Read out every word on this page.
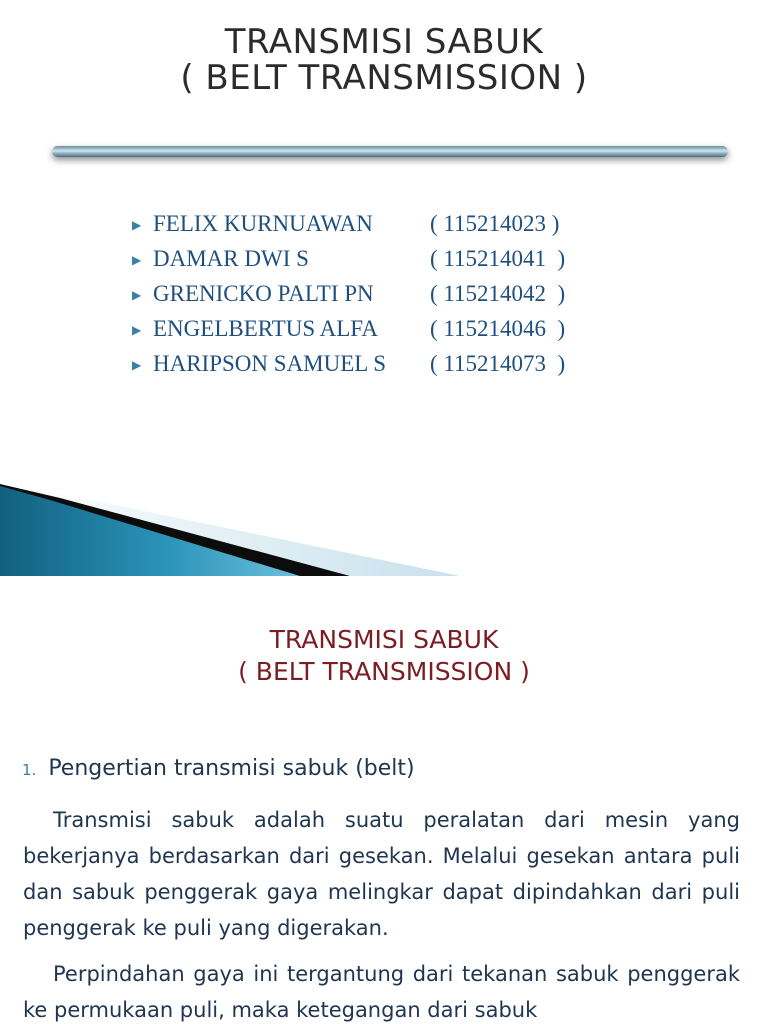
TRANSMISI SABUK
( BELT TRANSMISSION )
▶ FELIX KURNUAWAN ( 115214023 )
▶ DAMAR DWI S	( 115214041  )
▶ GRENICKO PALTI PN ( 115214042  )
▶ ENGELBERTUS ALFA ( 115214046  )
▶ HARIPSON SAMUEL S ( 115214073  )
TRANSMISI SABUK
( BELT TRANSMISSION )
1. Pengertian transmisi sabuk (belt)

Transmisi sabuk adalah suatu peralatan dari mesin yang bekerjanya berdasarkan dari gesekan. Melalui gesekan antara puli dan sabuk penggerak gaya melingkar dapat dipindahkan dari puli penggerak ke puli yang digerakan.

Perpindahan gaya ini tergantung dari tekanan sabuk penggerak ke permukaan puli, maka ketegangan dari sabuk
